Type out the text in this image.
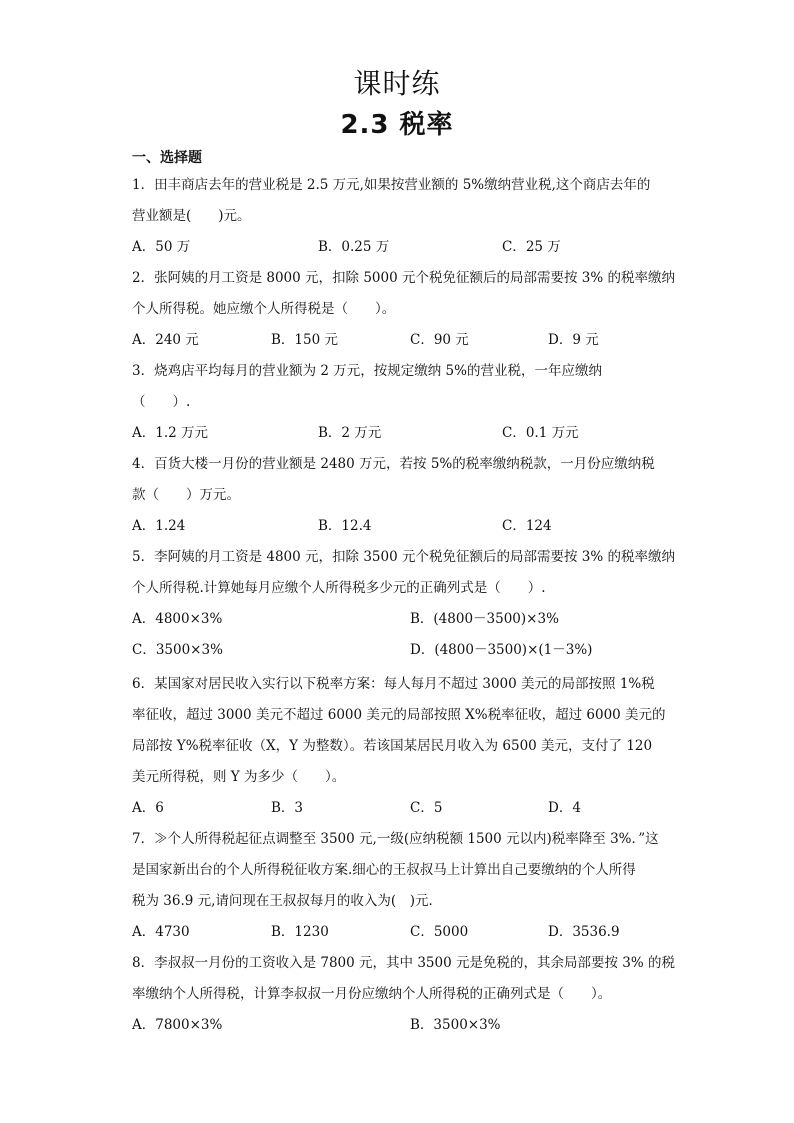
课时练
2.3 税率
一、选择题
1．田丰商店去年的营业税是 2.5 万元,如果按营业额的 5%缴纳营业税,这个商店去年的
营业额是(　　)元。
A．50 万	B．0.25 万	C．25 万
2．张阿姨的月工资是 8000 元，扣除 5000 元个税免征额后的局部需要按 3% 的税率缴纳
个人所得税。她应缴个人所得税是（　　）。
A．240 元	B．150 元	C．90 元	D．9 元
3．烧鸡店平均每月的营业额为 2 万元，按规定缴纳 5%的营业税，一年应缴纳
（　　）.
A．1.2 万元	B．2 万元	C．0.1 万元
4．百货大楼一月份的营业额是 2480 万元，若按 5%的税率缴纳税款，一月份应缴纳税
款（　　）万元。
A．1.24	B．12.4	C．124
5．李阿姨的月工资是 4800 元，扣除 3500 元个税免征额后的局部需要按 3% 的税率缴纳
个人所得税.计算她每月应缴个人所得税多少元的正确列式是（　　）.
A．4800×3%	B．(4800－3500)×3%
C．3500×3%	D．(4800－3500)×(1－3%)
6．某国家对居民收入实行以下税率方案：每人每月不超过 3000 美元的局部按照 1%税
率征收，超过 3000 美元不超过 6000 美元的局部按照 X%税率征收，超过 6000 美元的
局部按 Y%税率征收（X，Y 为整数）。若该国某居民月收入为 6500 美元，支付了 120
美元所得税，则 Y 为多少（　　）。
A．6	B．3	C．5	D．4
7．≫个人所得税起征点调整至 3500 元,一级(应纳税额 1500 元以内)税率降至 3%．”这
是国家新出台的个人所得税征收方案.细心的王叔叔马上计算出自己要缴纳的个人所得
税为 36.9 元,请问现在王叔叔每月的收入为(　)元．
A．4730	B．1230	C．5000	D．3536.9
8．李叔叔一月份的工资收入是 7800 元，其中 3500 元是免税的，其余局部要按 3% 的税
率缴纳个人所得税，计算李叔叔一月份应缴纳个人所得税的正确列式是（　　）。
A．7800×3%	B．3500×3%
